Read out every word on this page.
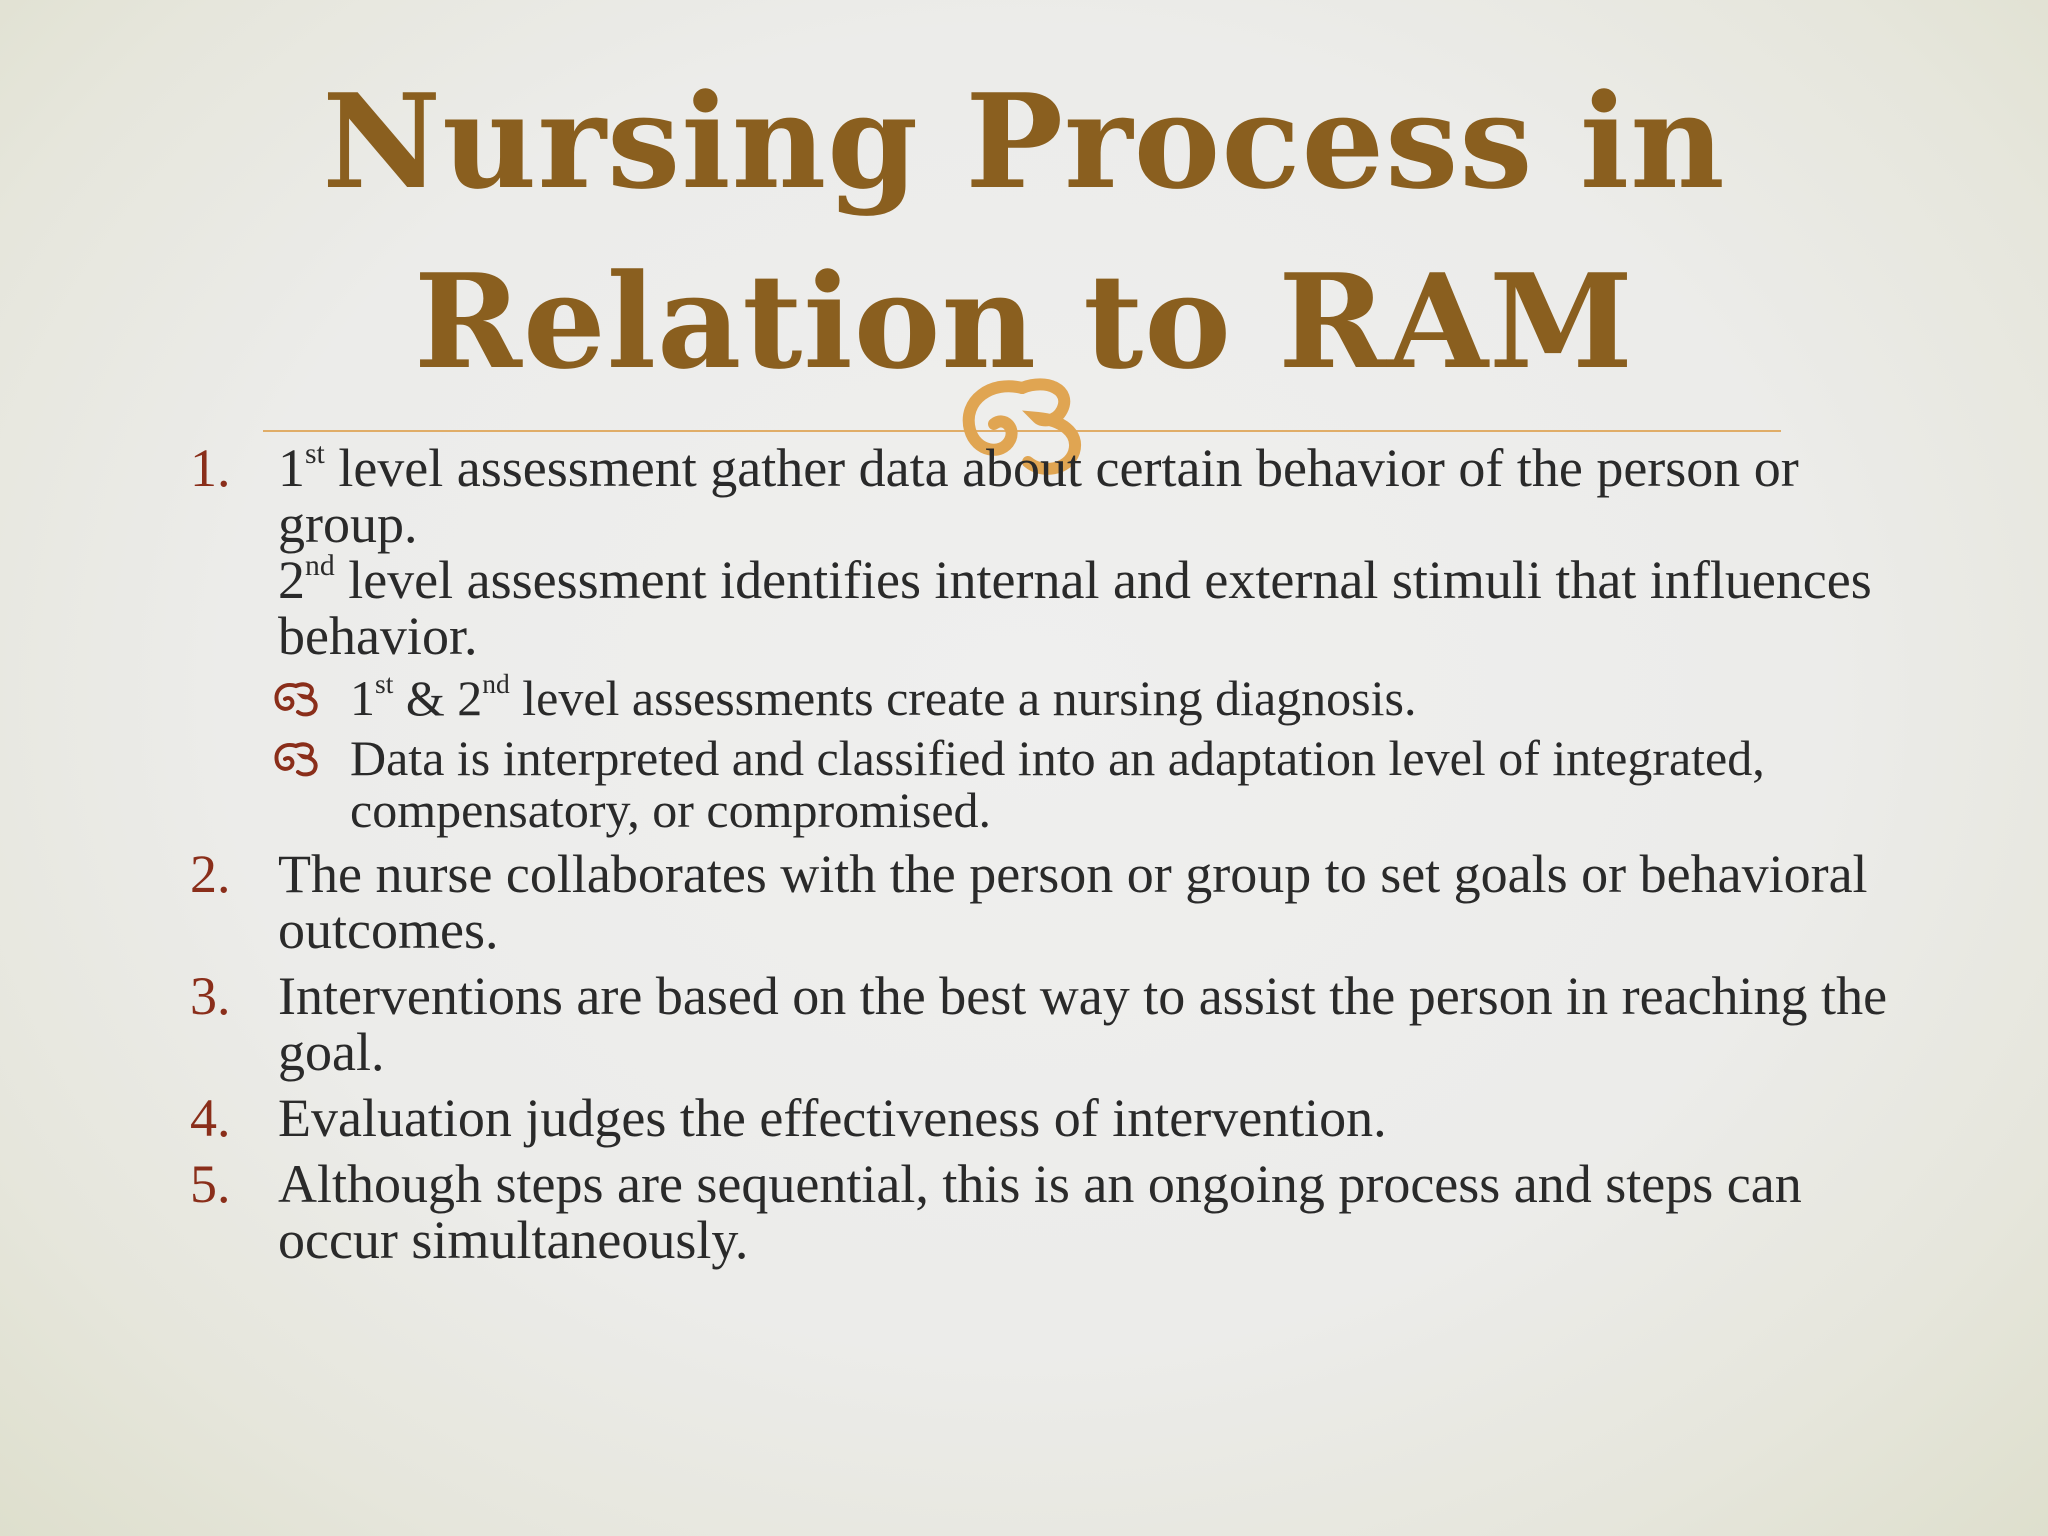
Nursing Process in
Relation to RAM
1. 1st level assessment gather data about certain behavior of the person or group.

2nd level assessment identifies internal and external stimuli that influences behavior.

1st & 2nd level assessments create a nursing diagnosis.
Data is interpreted and classified into an adaptation level of integrated, compensatory, or compromised.
2. The nurse collaborates with the person or group to set goals or behavioral outcomes.

3. Interventions are based on the best way to assist the person in reaching the goal.

4. Evaluation judges the effectiveness of intervention.

5. Although steps are sequential, this is an ongoing process and steps can occur simultaneously.
